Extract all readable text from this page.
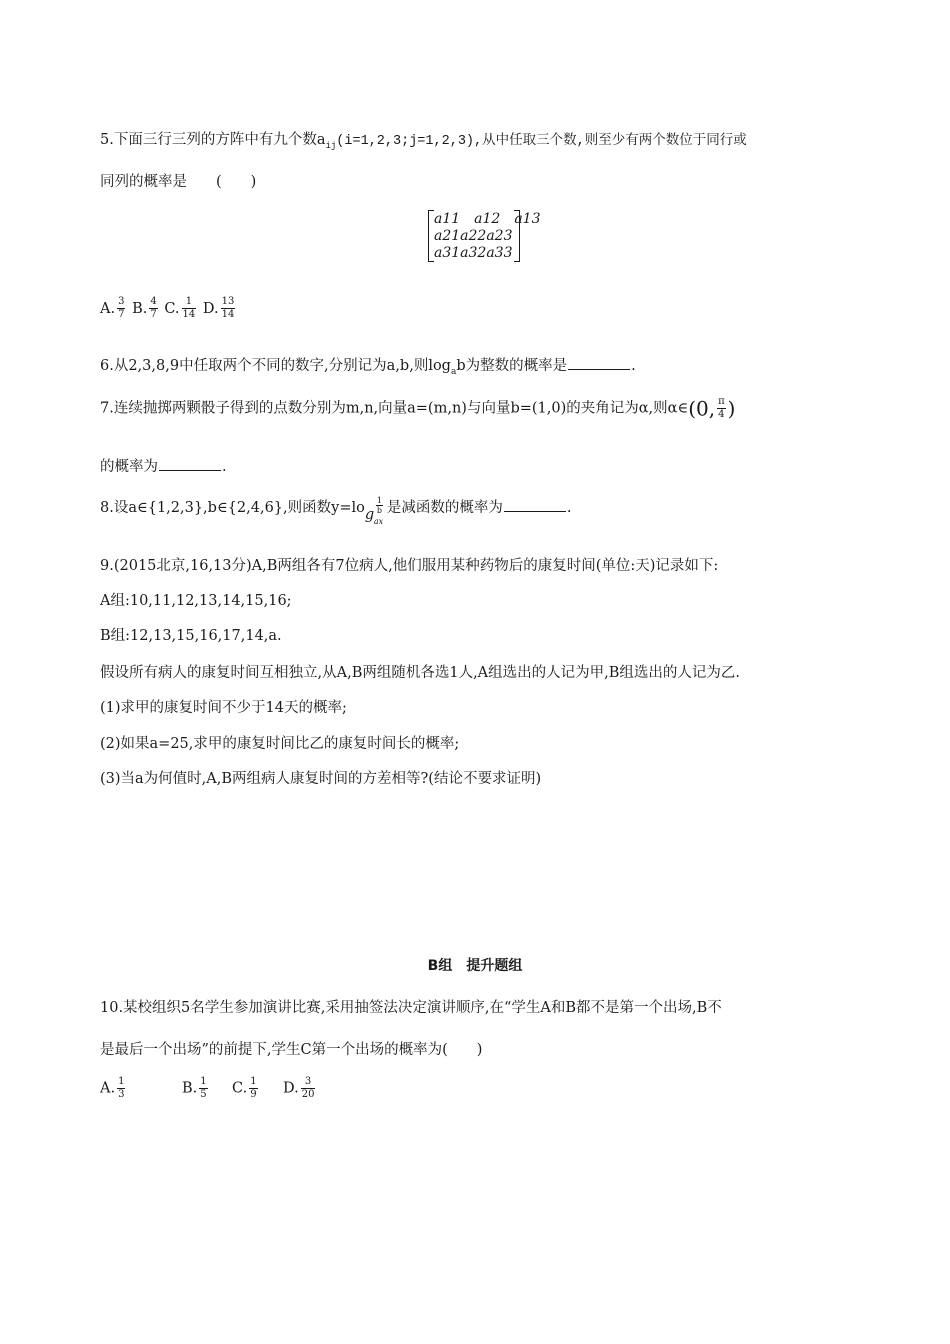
5.下面三行三列的方阵中有九个数$a_{ij}(i=1,2,3;j=1,2,3)$,从中任取三个数,则至少有两个数位于同行或
同列的概率是　　(　　)
a11　a12　a13
a21a22a23
a31a32a33
A. $\frac{3}{7} B$. $\frac{4}{7} C$. $\frac{1}{14} D$. $\frac{13}{14}$
6.从2,3,8,9中任取两个不同的数字,分别记为a,b,则$\log_ab$为整数的概率是	.
7.连续抛掷两颗骰子得到的点数分别为m,n,向量a=(m,n)与向量b=(1,0)的夹角记为α,则α∈(0, $\frac{\pi}{4}$ )
的概率为	.
8.设a∈{1,2,3},b∈{2,4,6},则函数$y=\log \frac{1}{b}$
ax
是减函数的概率为	.
9.(2015北京,16,13分)A,B两组各有7位病人,他们服用某种药物后的康复时间(单位:天)记录如下:
A组:10,11,12,13,14,15,16;
B组:12,13,15,16,17,14,a.
假设所有病人的康复时间互相独立,从A,B两组随机各选1人,A组选出的人记为甲,B组选出的人记为乙.
(1)求甲的康复时间不少于14天的概率;
(2)如果a=25,求甲的康复时间比乙的康复时间长的概率;
(3)当a为何值时,A,B两组病人康复时间的方差相等?(结论不要求证明)
B组　提升题组
10.某校组织5名学生参加演讲比赛,采用抽签法决定演讲顺序,在“学生A和B都不是第一个出场,B不
是最后一个出场”的前提下,学生C第一个出场的概率为(　　)
A. $\frac{1}{3}$	B. $\frac{1}{5} C$. $\frac{1}{9} D$. $\frac{3}{20}$
